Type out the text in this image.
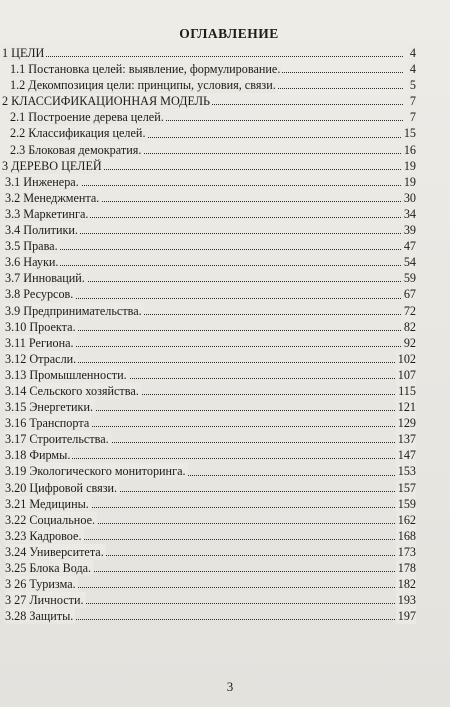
ОГЛАВЛЕНИЕ
1 ЦЕЛИ	4
1.1 Постановка целей: выявление, формулирование.	4
1.2 Декомпозиция цели: принципы, условия, связи.	5
2 КЛАССИФИКАЦИОННАЯ МОДЕЛЬ	7
2.1 Построение дерева целей.	7
2.2 Классификация целей.	15
2.3 Блоковая демократия.	16
3 ДЕРЕВО ЦЕЛЕЙ	19
3.1 Инженера.	19
3.2 Менеджмента.	30
3.3 Маркетинга.	34
3.4 Политики.	39
3.5 Права.	47
3.6 Науки.	54
3.7 Инноваций.	59
3.8 Ресурсов.	67
3.9 Предпринимательства.	72
3.10 Проекта.	82
3.11 Региона.	92
3.12 Отрасли.	102
3.13 Промышленности.	107
3.14 Сельского хозяйства.	115
3.15 Энергетики.	121
3.16 Транспорта	129
3.17 Строительства.	137
3.18 Фирмы.	147
3.19 Экологического мониторинга.	153
3.20 Цифровой связи.	157
3.21 Медицины.	159
3.22 Социальное.	162
3.23 Кадровое.	168
3.24 Университета.	173
3.25 Блока Вода.	178
3 26 Туризма.	182
3 27 Личности.	193
3.28 Защиты.	197
3
